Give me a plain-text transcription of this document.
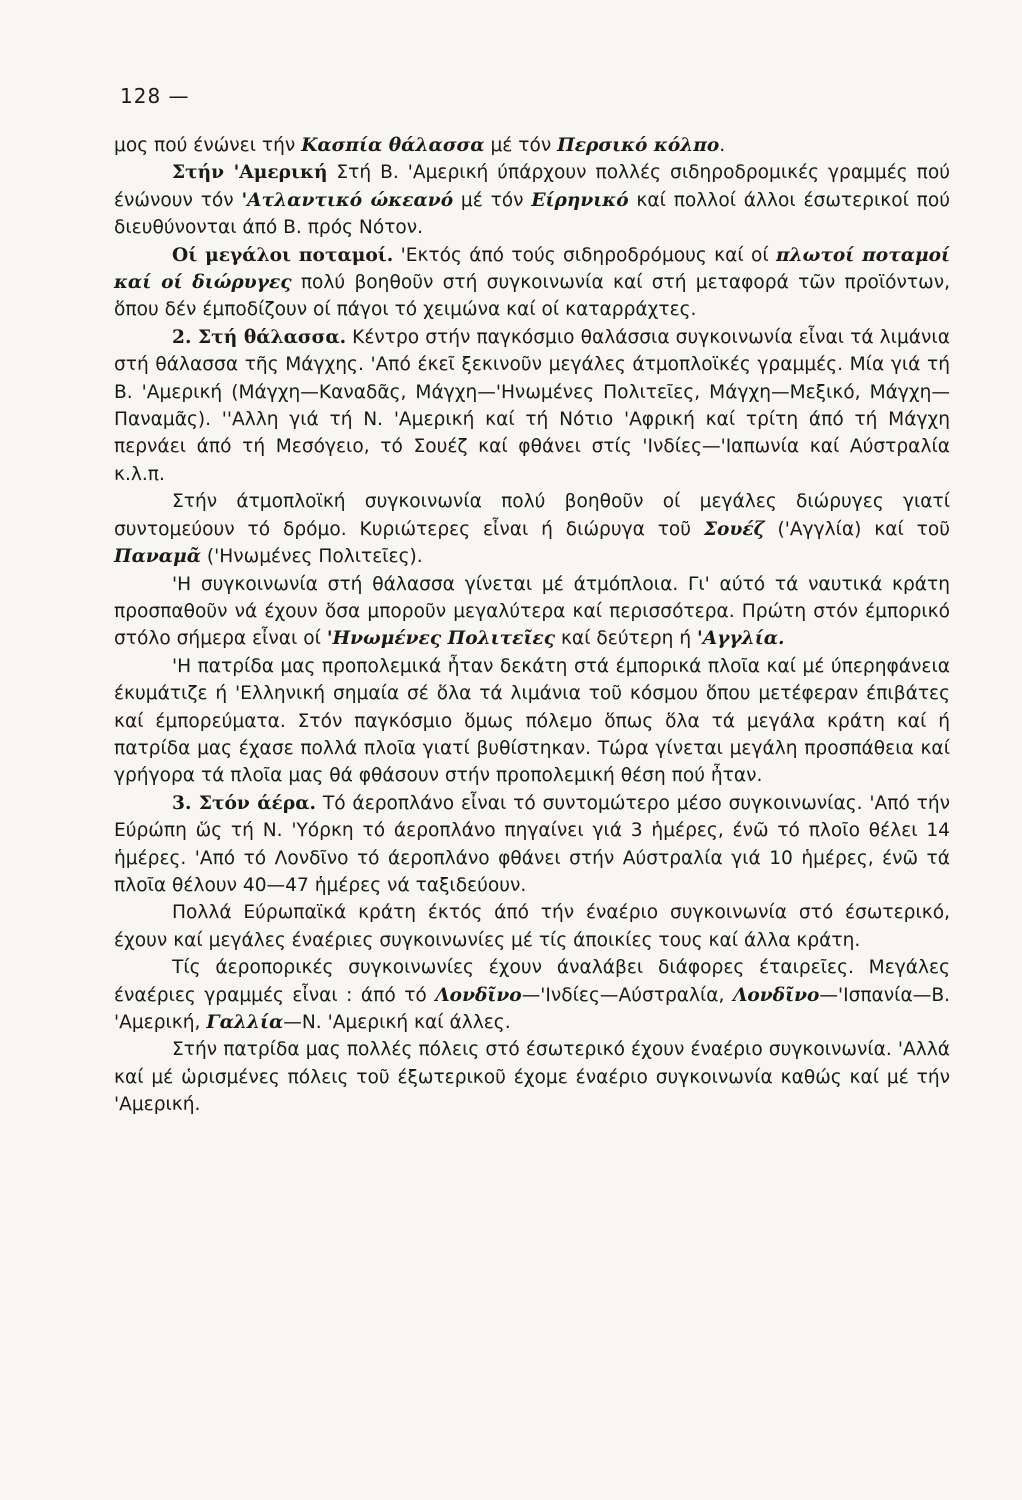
128 —

μος πού ένώνει τήν Κασπία θάλασσα μέ τόν Περσικό κόλπο.

Στήν 'Αμερική Στή Β. 'Αμερική ύπάρχουν πολλές σιδηροδρομικές γραμμές πού ένώνουν τόν 'Ατλαντικό ώκεανό μέ τόν Είρηνικό καί πολλοί άλλοι έσωτερικοί πού διευθύνονται άπό Β. πρός Νότον.

Οί μεγάλοι ποταμοί. 'Εκτός άπό τούς σιδηροδρόμους καί οί πλωτοί ποταμοί καί οί διώρυγες πολύ βοηθοῦν στή συγκοινωνία καί στή μεταφορά τῶν προϊόντων, ὅπου δέν έμποδίζουν οί πάγοι τό χειμώνα καί οί καταρράχτες.

2. Στή θάλασσα. Κέντρο στήν παγκόσμιο θαλάσσια συγκοινωνία εἶναι τά λιμάνια στή θάλασσα τῆς Μάγχης. 'Από έκεῖ ξεκινοῦν μεγάλες άτμοπλοϊκές γραμμές. Μία γιά τή Β. 'Αμερική (Μάγχη—Καναδᾶς, Μάγχη—'Ηνωμένες Πολιτεῖες, Μάγχη—Μεξικό, Μάγχη—Παναμᾶς). ''Αλλη γιά τή Ν. 'Αμερική καί τή Νότιο 'Αφρική καί τρίτη άπό τή Μάγχη περνάει άπό τή Μεσόγειο, τό Σουέζ καί φθάνει στίς 'Ινδίες—'Ιαπωνία καί Αύστραλία κ.λ.π.

Στήν άτμοπλοϊκή συγκοινωνία πολύ βοηθοῦν οί μεγάλες διώρυγες γιατί συντομεύουν τό δρόμο. Κυριώτερες εἶναι ή διώρυγα τοῦ Σουέζ ('Αγγλία) καί τοῦ Παναμᾶ ('Ηνωμένες Πολιτεῖες).

'Η συγκοινωνία στή θάλασσα γίνεται μέ άτμόπλοια. Γι' αύτό τά ναυτικά κράτη προσπαθοῦν νά έχουν ὅσα μποροῦν μεγαλύτερα καί περισσότερα. Πρώτη στόν έμπορικό στόλο σήμερα εἶναι οί 'Ηνωμένες Πολιτεῖες καί δεύτερη ή 'Αγγλία.

'Η πατρίδα μας προπολεμικά ἦταν δεκάτη στά έμπορικά πλοῖα καί μέ ύπερηφάνεια έκυμάτιζε ή 'Ελληνική σημαία σέ ὅλα τά λιμάνια τοῦ κόσμου ὅπου μετέφεραν έπιβάτες καί έμπορεύματα. Στόν παγκόσμιο ὅμως πόλεμο ὅπως ὅλα τά μεγάλα κράτη καί ή πατρίδα μας έχασε πολλά πλοῖα γιατί βυθίστηκαν. Τώρα γίνεται μεγάλη προσπάθεια καί γρήγορα τά πλοῖα μας θά φθάσουν στήν προπολεμική θέση πού ἦταν.

3. Στόν άέρα. Τό άεροπλάνο εἶναι τό συντομώτερο μέσο συγκοινωνίας. 'Από τήν Εύρώπη ὥς τή Ν. 'Υόρκη τό άεροπλάνο πηγαίνει γιά 3 ἡμέρες, ένῶ τό πλοῖο θέλει 14 ἡμέρες. 'Από τό Λονδῖνο τό άεροπλάνο φθάνει στήν Αύστραλία γιά 10 ἡμέρες, ένῶ τά πλοῖα θέλουν 40—47 ἡμέρες νά ταξιδεύουν.

Πολλά Εύρωπαϊκά κράτη έκτός άπό τήν έναέριο συγκοινωνία στό έσωτερικό, έχουν καί μεγάλες έναέριες συγκοινωνίες μέ τίς άποικίες τους καί άλλα κράτη.

Τίς άεροπορικές συγκοινωνίες έχουν άναλάβει διάφορες έταιρεῖες. Μεγάλες έναέριες γραμμές εἶναι : άπό τό Λονδῖνο—'Ινδίες—Αύστραλία, Λονδῖνο—'Ισπανία—Β. 'Αμερική, Γαλλία—Ν. 'Αμερική καί άλλες.

Στήν πατρίδα μας πολλές πόλεις στό έσωτερικό έχουν έναέριο συγκοινωνία. 'Αλλά καί μέ ὡρισμένες πόλεις τοῦ έξωτερικοῦ έχομε έναέριο συγκοινωνία καθώς καί μέ τήν 'Αμερική.
